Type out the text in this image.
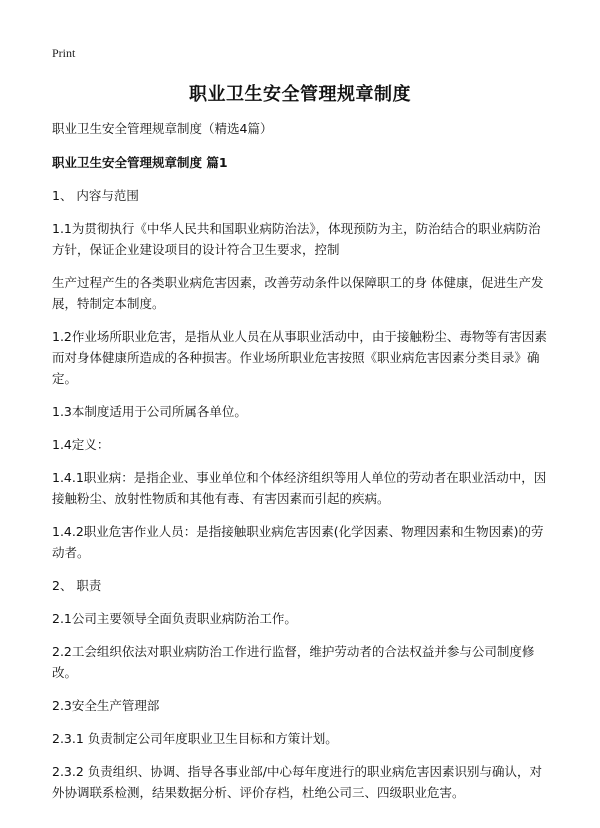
Print
职业卫生安全管理规章制度

职业卫生安全管理规章制度（精选4篇）

职业卫生安全管理规章制度 篇1

1、 内容与范围

1.1为贯彻执行《中华人民共和国职业病防治法》，体现预防为主，防治结合的职业病防治方针，保证企业建设项目的设计符合卫生要求，控制

生产过程产生的各类职业病危害因素，改善劳动条件以保障职工的身 体健康，促进生产发展，特制定本制度。

1.2作业场所职业危害，是指从业人员在从事职业活动中，由于接触粉尘、毒物等有害因素而对身体健康所造成的各种损害。作业场所职业危害按照《职业病危害因素分类目录》确定。

1.3本制度适用于公司所属各单位。

1.4定义：

1.4.1职业病：是指企业、事业单位和个体经济组织等用人单位的劳动者在职业活动中，因接触粉尘、放射性物质和其他有毒、有害因素而引起的疾病。

1.4.2职业危害作业人员：是指接触职业病危害因素(化学因素、物理因素和生物因素)的劳动者。

2、 职责

2.1公司主要领导全面负责职业病防治工作。

2.2工会组织依法对职业病防治工作进行监督，维护劳动者的合法权益并参与公司制度修改。

2.3安全生产管理部

2.3.1 负责制定公司年度职业卫生目标和方策计划。

2.3.2 负责组织、协调、指导各事业部/中心每年度进行的职业病危害因素识别与确认，对外协调联系检测，结果数据分析、评价存档，杜绝公司三、四级职业危害。
